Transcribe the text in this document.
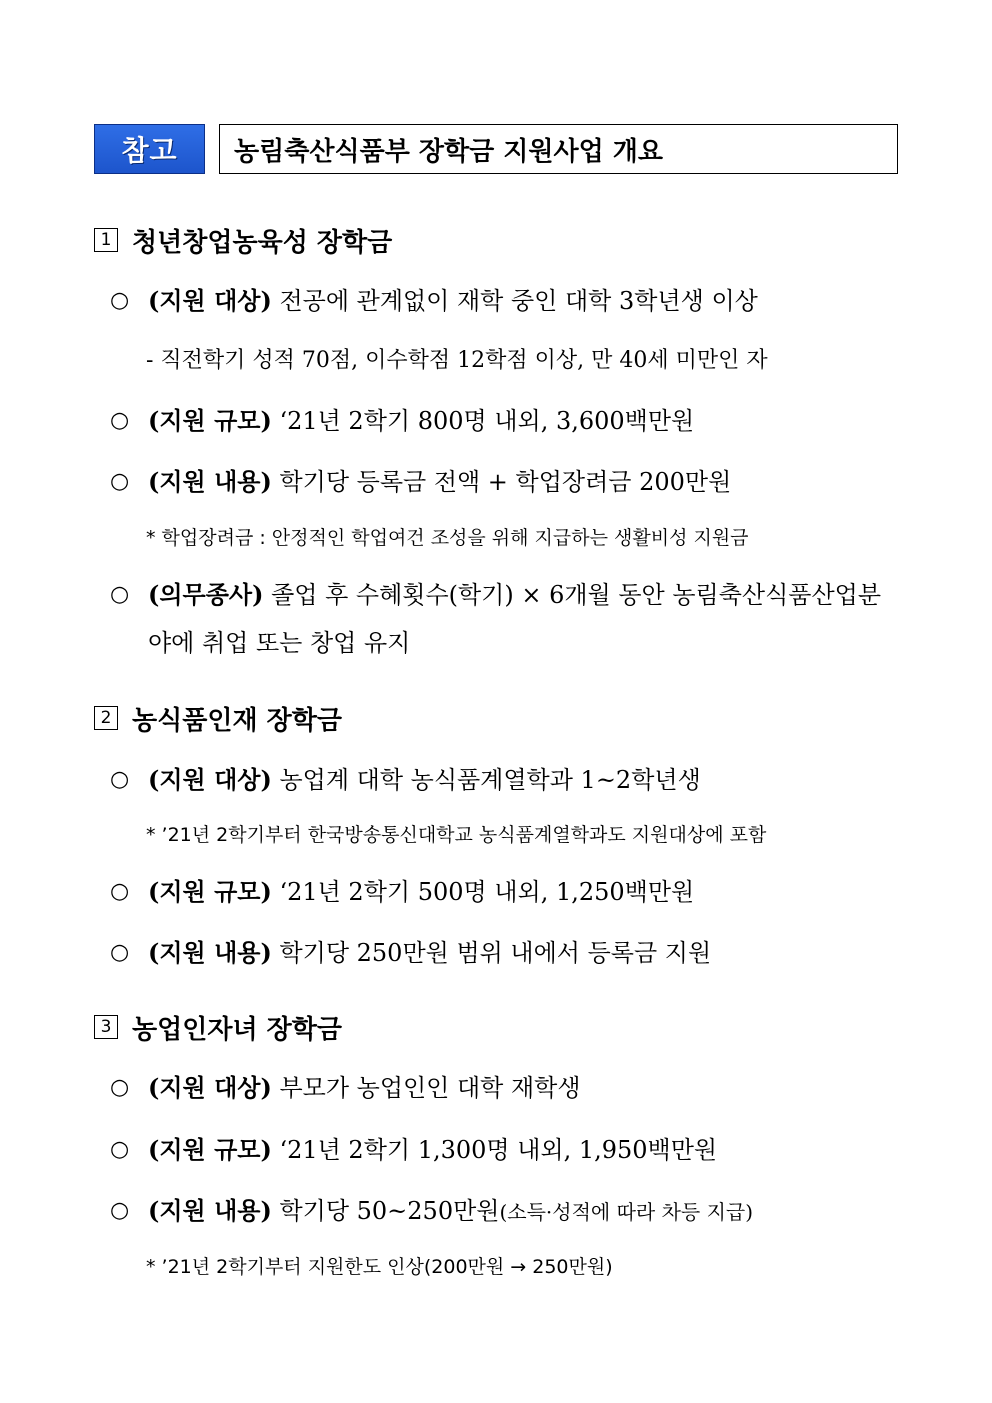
참고	농림축산식품부 장학금 지원사업 개요
1 청년창업농육성 장학금
○ (지원 대상) 전공에 관계없이 재학 중인 대학 3학년생 이상
- 직전학기 성적 70점, 이수학점 12학점 이상, 만 40세 미만인 자
○ (지원 규모) ‘21년 2학기 800명 내외, 3,600백만원
○ (지원 내용) 학기당 등록금 전액 + 학업장려금 200만원
* 학업장려금 : 안정적인 학업여건 조성을 위해 지급하는 생활비성 지원금
○ (의무종사) 졸업 후 수혜횟수(학기) × 6개월 동안 농림축산식품산업분야에 취업 또는 창업 유지
2 농식품인재 장학금
○ (지원 대상) 농업계 대학 농식품계열학과 1~2학년생
* ’21년 2학기부터 한국방송통신대학교 농식품계열학과도 지원대상에 포함
○ (지원 규모) ‘21년 2학기 500명 내외, 1,250백만원
○ (지원 내용) 학기당 250만원 범위 내에서 등록금 지원
3 농업인자녀 장학금
○ (지원 대상) 부모가 농업인인 대학 재학생
○ (지원 규모) ‘21년 2학기 1,300명 내외, 1,950백만원
○ (지원 내용) 학기당 50~250만원(소득·성적에 따라 차등 지급)
* ’21년 2학기부터 지원한도 인상(200만원 → 250만원)
